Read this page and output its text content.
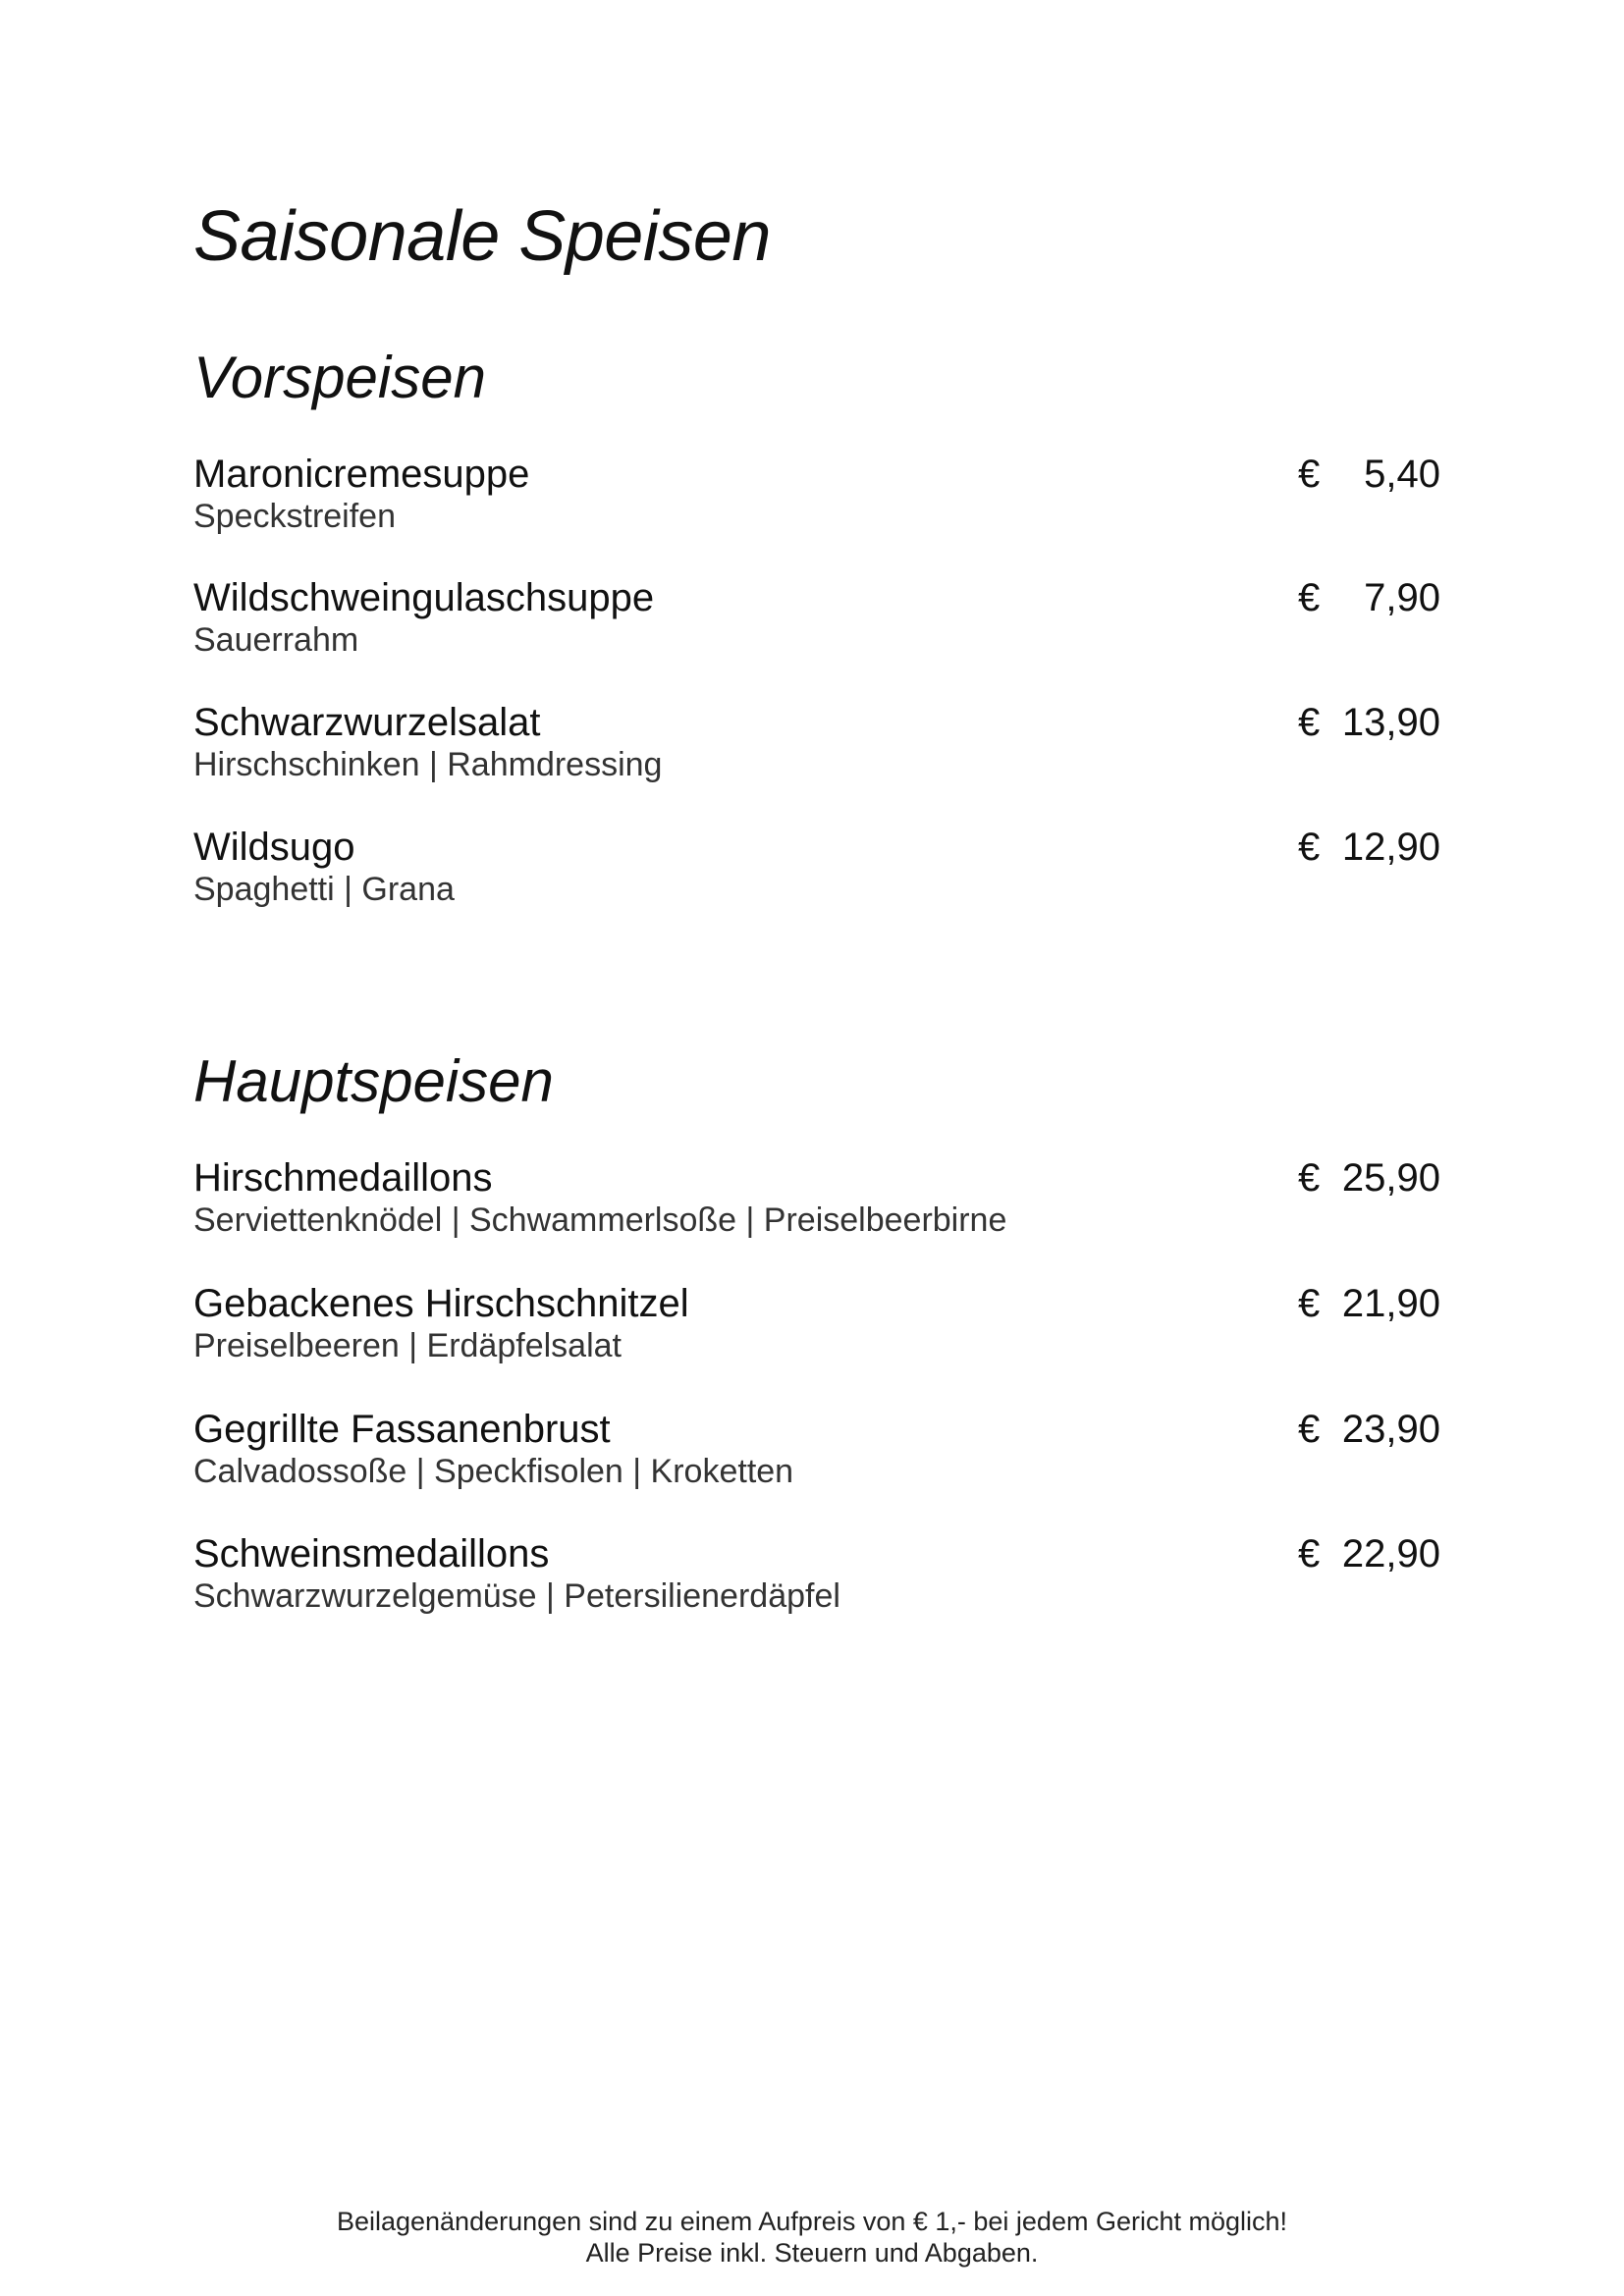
Saisonale Speisen
Vorspeisen
Maronicremesuppe
Speckstreifen
€ 5,40
Wildschweingulaschsuppe
Sauerrahm
€ 7,90
Schwarzwurzelsalat
Hirschschinken | Rahmdressing
€ 13,90
Wildsugo
Spaghetti | Grana
€ 12,90
Hauptspeisen
Hirschmedaillons
Serviettenknödel | Schwammerlsoße | Preiselbeerbirne
€ 25,90
Gebackenes Hirschschnitzel
Preiselbeeren | Erdäpfelsalat
€ 21,90
Gegrillte Fassanenbrust
Calvadossoße | Speckfisolen | Kroketten
€ 23,90
Schweinsmedaillons
Schwarzwurzelgemüse | Petersilienerdäpfel
€ 22,90
Beilagenänderungen sind zu einem Aufpreis von € 1,- bei jedem Gericht möglich!
Alle Preise inkl. Steuern und Abgaben.
